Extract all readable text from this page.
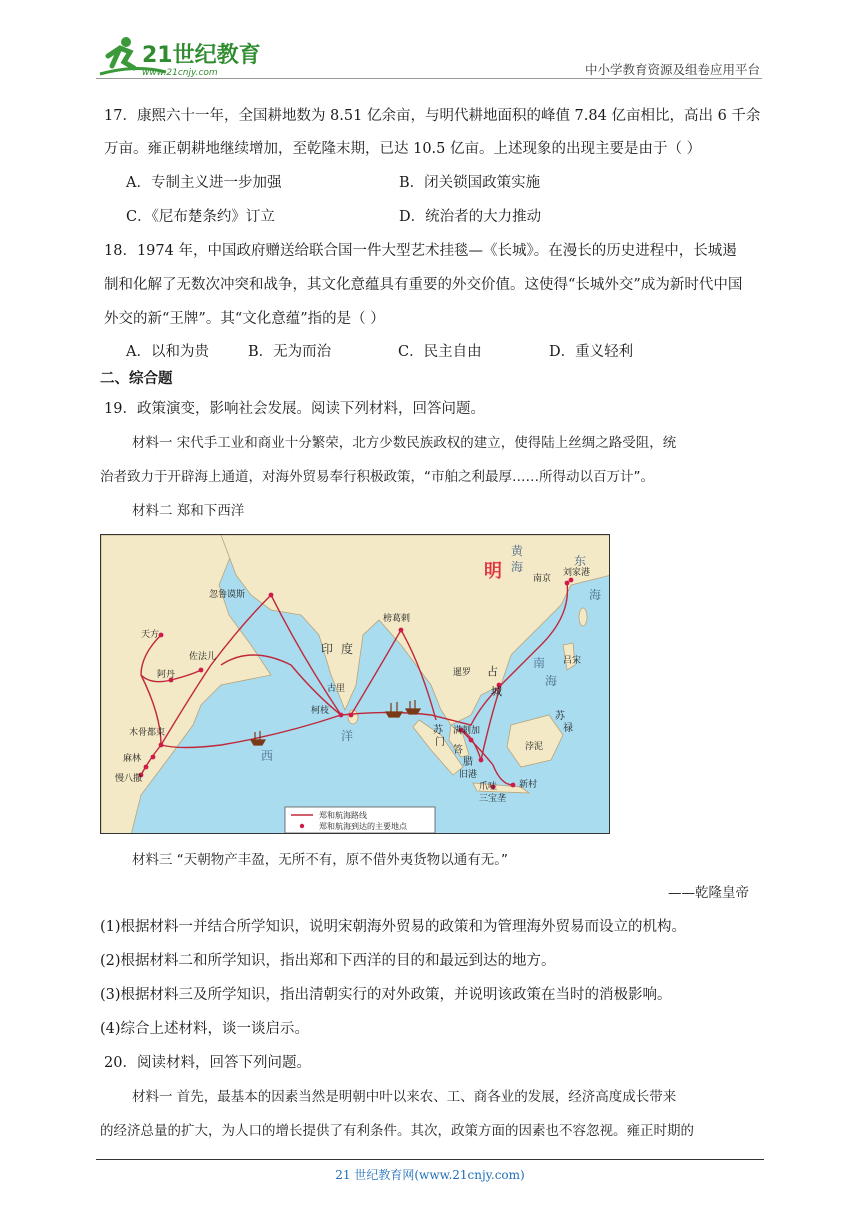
21世纪教育
www.21cnjy.com	中小学教育资源及组卷应用平台
17．康熙六十一年，全国耕地数为 8.51 亿余亩，与明代耕地面积的峰值 7.84 亿亩相比，高出 6 千余
万亩。雍正朝耕地继续增加，至乾隆末期，已达 10.5 亿亩。上述现象的出现主要是由于（ ）
A．专制主义进一步加强	B．闭关锁国政策实施
C．《尼布楚条约》订立	D．统治者的大力推动
18．1974 年，中国政府赠送给联合国一件大型艺术挂毯—《长城》。在漫长的历史进程中，长城遏
制和化解了无数次冲突和战争，其文化意蕴具有重要的外交价值。这使得“长城外交”成为新时代中国
外交的新“王牌”。其“文化意蕴”指的是（ ）
A．以和为贵	B．无为而治	C．民主自由	D．重义轻利
二、综合题
19．政策演变，影响社会发展。阅读下列材料，回答问题。
材料一 宋代手工业和商业十分繁荣，北方少数民族政权的建立，使得陆上丝绸之路受阻，统
治者致力于开辟海上通道，对海外贸易奉行积极政策，“市舶之利最厚……所得动以百万计”。
材料二 郑和下西洋
明
黄
海	东
海
南
海
印 度
西
洋
南京
刘家港
忽鲁谟斯
天方
佐法儿
阿丹
木骨都束
麻林
慢八撒
榜葛剌
古里
柯枝
暹罗 占
城
吕宋
苏
禄
浡泥
满剌加
苏
门
答
腊
旧港
爪哇 新村
三宝垄
郑和航海路线
郑和航海到达的主要地点
材料三 “天朝物产丰盈，无所不有，原不借外夷货物以通有无。”
——乾隆皇帝
(1)根据材料一并结合所学知识，说明宋朝海外贸易的政策和为管理海外贸易而设立的机构。
(2)根据材料二和所学知识，指出郑和下西洋的目的和最远到达的地方。
(3)根据材料三及所学知识，指出清朝实行的对外政策，并说明该政策在当时的消极影响。
(4)综合上述材料，谈一谈启示。
20．阅读材料，回答下列问题。
材料一 首先，最基本的因素当然是明朝中叶以来农、工、商各业的发展，经济高度成长带来
的经济总量的扩大，为人口的增长提供了有利条件。其次，政策方面的因素也不容忽视。雍正时期的
21 世纪教育网(www.21cnjy.com)
